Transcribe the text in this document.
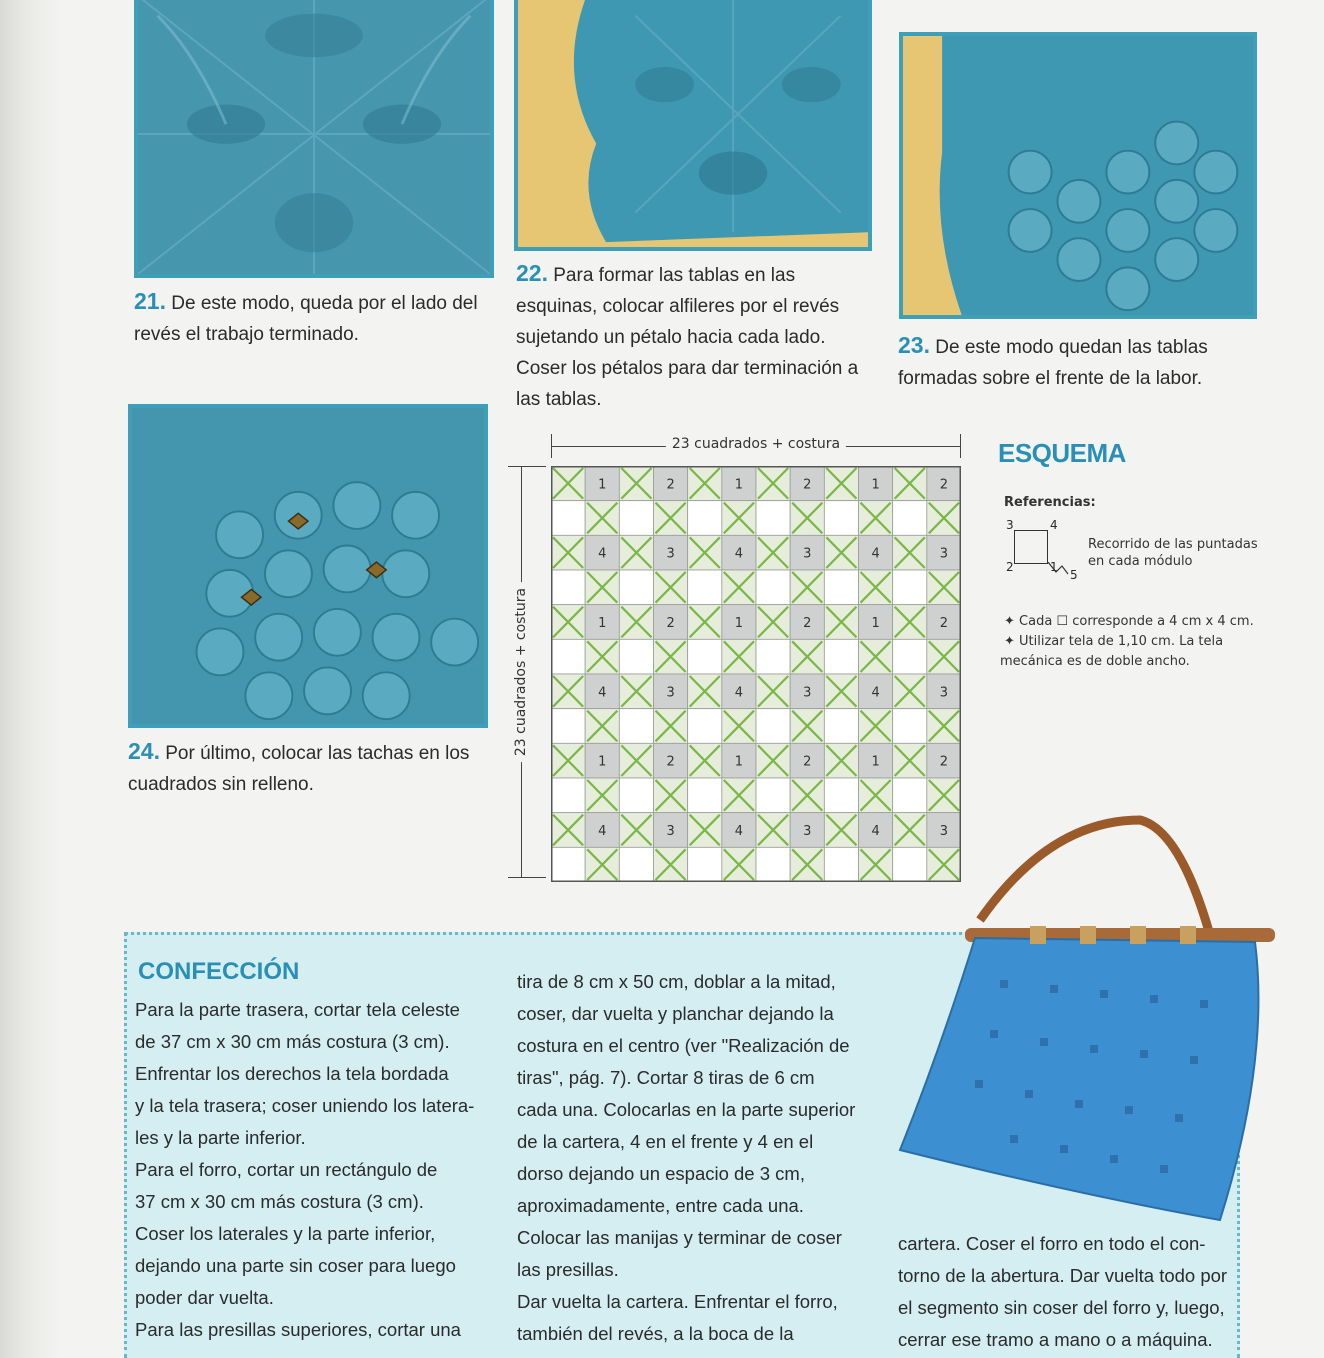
21. De este modo, queda por el lado del revés el trabajo terminado.
22. Para formar las tablas en las esquinas, colocar alfileres por el revés sujetando un pétalo hacia cada lado. Coser los pétalos para dar terminación a las tablas.
23. De este modo quedan las tablas formadas sobre el frente de la labor.
24. Por último, colocar las tachas en los cuadrados sin relleno.
23 cuadrados + costura
23 cuadrados + costura
1	2	1	2	1	2
4	3	4	3	4	3
1	2	1	2	1	2
4	3	4	3	4	3
1	2	1	2	1	2
4	3	4	3	4	3
ESQUEMA
Referencias:
3	4
2	1
5
Recorrido de las puntadas
en cada módulo
✦ Cada ☐ corresponde a 4 cm x 4 cm.
✦ Utilizar tela de 1,10 cm. La tela
mecánica es de doble ancho.
CONFECCIÓN

Para la parte trasera, cortar tela celeste

de 37 cm x 30 cm más costura (3 cm).

Enfrentar los derechos la tela bordada

y la tela trasera; coser uniendo los latera-

les y la parte inferior.

Para el forro, cortar un rectángulo de

37 cm x 30 cm más costura (3 cm).

Coser los laterales y la parte inferior,

dejando una parte sin coser para luego

poder dar vuelta.

Para las presillas superiores, cortar una

tira de 8 cm x 50 cm, doblar a la mitad,

coser, dar vuelta y planchar dejando la

costura en el centro (ver "Realización de

tiras", pág. 7). Cortar 8 tiras de 6 cm

cada una. Colocarlas en la parte superior

de la cartera, 4 en el frente y 4 en el

dorso dejando un espacio de 3 cm,

aproximadamente, entre cada una.

Colocar las manijas y terminar de coser

las presillas.

Dar vuelta la cartera. Enfrentar el forro,

también del revés, a la boca de la

cartera. Coser el forro en todo el con-

torno de la abertura. Dar vuelta todo por

el segmento sin coser del forro y, luego,

cerrar ese tramo a mano o a máquina.
